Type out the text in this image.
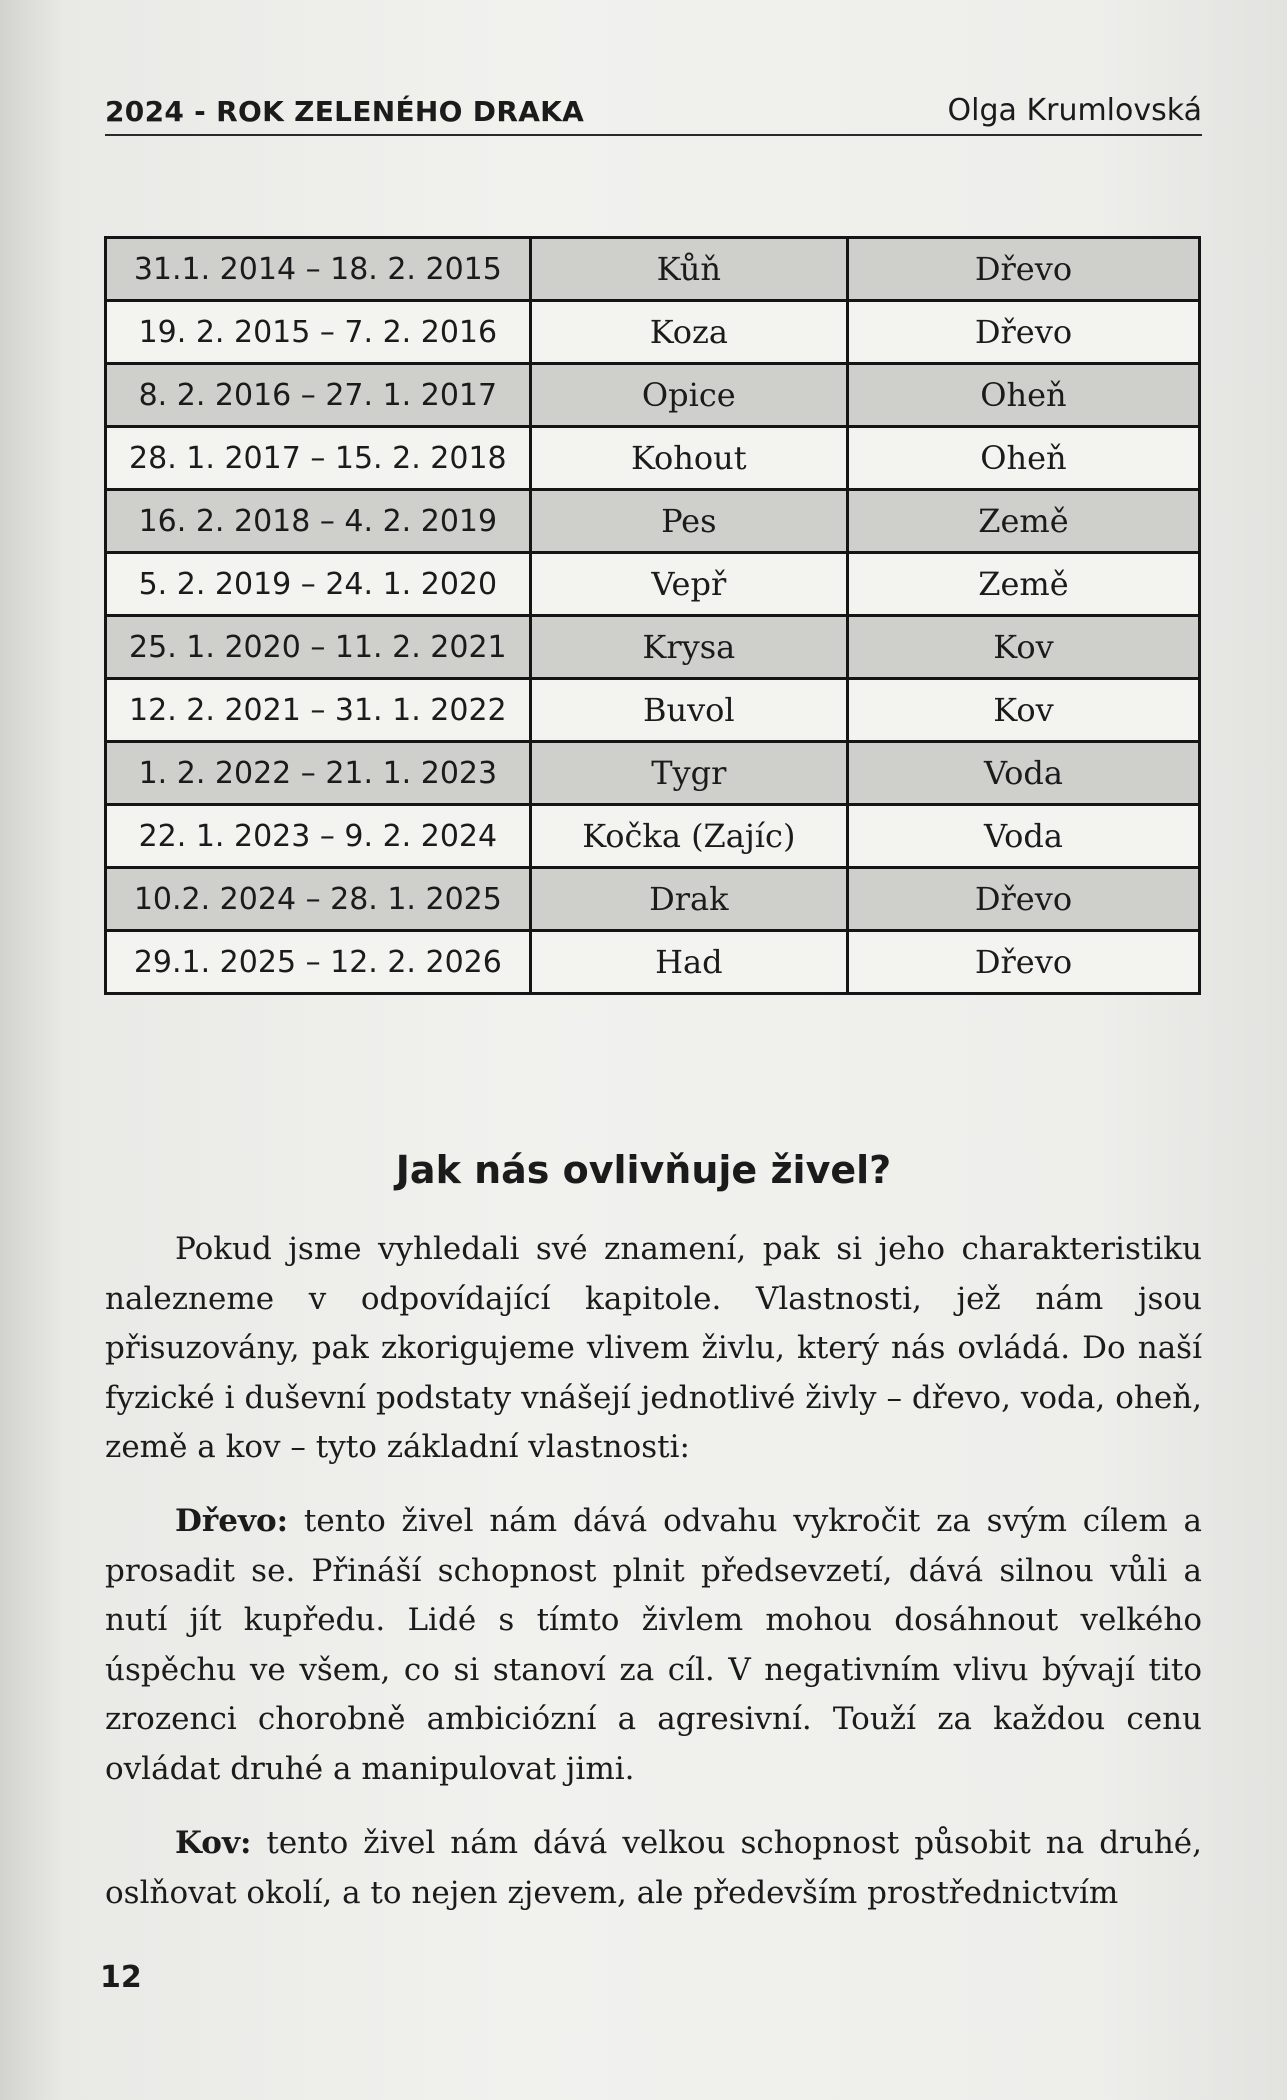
2024 - ROK ZELENÉHO DRAKA	Olga Krumlovská
31.1. 2014 – 18. 2. 2015	Kůň	Dřevo
19. 2. 2015 – 7. 2. 2016	Koza	Dřevo
8. 2. 2016 – 27. 1. 2017	Opice	Oheň
28. 1. 2017 – 15. 2. 2018	Kohout	Oheň
16. 2. 2018 – 4. 2. 2019	Pes	Země
5. 2. 2019 – 24. 1. 2020	Vepř	Země
25. 1. 2020 – 11. 2. 2021	Krysa	Kov
12. 2. 2021 – 31. 1. 2022	Buvol	Kov
1. 2. 2022 – 21. 1. 2023	Tygr	Voda
22. 1. 2023 – 9. 2. 2024	Kočka (Zajíc)	Voda
10.2. 2024 – 28. 1. 2025	Drak	Dřevo
29.1. 2025 – 12. 2. 2026	Had	Dřevo
Jak nás ovlivňuje živel?

Pokud jsme vyhledali své znamení, pak si jeho charakteristiku nalezneme v odpovídající kapitole. Vlastnosti, jež nám jsou přisuzovány, pak zkorigujeme vlivem živlu, který nás ovládá. Do naší fyzické i duševní podstaty vnášejí jednotlivé živly – dřevo, voda, oheň, země a kov – tyto základní vlastnosti:

Dřevo: tento živel nám dává odvahu vykročit za svým cílem a prosadit se. Přináší schopnost plnit předsevzetí, dává silnou vůli a nutí jít kupředu. Lidé s tímto živlem mohou dosáhnout velkého úspěchu ve všem, co si stanoví za cíl. V negativním vlivu bývají tito zrozenci chorobně ambiciózní a agresivní. Touží za každou cenu ovládat druhé a manipulovat jimi.

Kov: tento živel nám dává velkou schopnost působit na druhé, oslňovat okolí, a to nejen zjevem, ale především prostřednictvím

12
